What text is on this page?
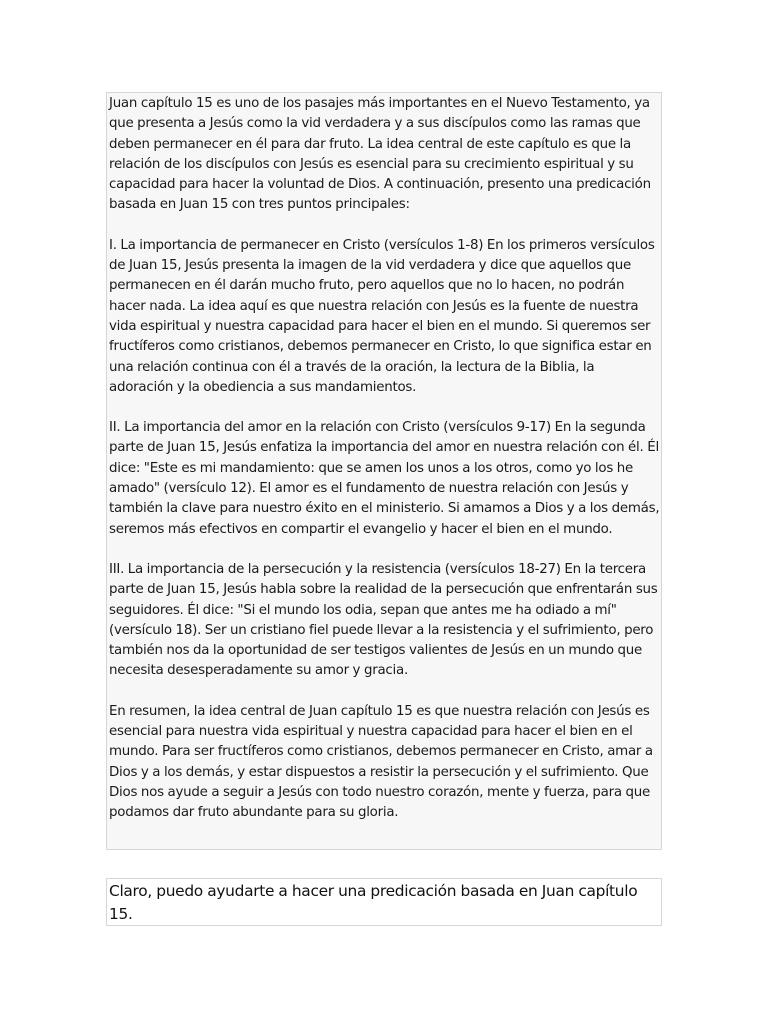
Juan capítulo 15 es uno de los pasajes más importantes en el Nuevo Testamento, ya que presenta a Jesús como la vid verdadera y a sus discípulos como las ramas que deben permanecer en él para dar fruto. La idea central de este capítulo es que la relación de los discípulos con Jesús es esencial para su crecimiento espiritual y su capacidad para hacer la voluntad de Dios. A continuación, presento una predicación basada en Juan 15 con tres puntos principales:

I. La importancia de permanecer en Cristo (versículos 1-8) En los primeros versículos de Juan 15, Jesús presenta la imagen de la vid verdadera y dice que aquellos que permanecen en él darán mucho fruto, pero aquellos que no lo hacen, no podrán hacer nada. La idea aquí es que nuestra relación con Jesús es la fuente de nuestra vida espiritual y nuestra capacidad para hacer el bien en el mundo. Si queremos ser fructíferos como cristianos, debemos permanecer en Cristo, lo que significa estar en una relación continua con él a través de la oración, la lectura de la Biblia, la adoración y la obediencia a sus mandamientos.

II. La importancia del amor en la relación con Cristo (versículos 9-17) En la segunda parte de Juan 15, Jesús enfatiza la importancia del amor en nuestra relación con él. Él dice: "Este es mi mandamiento: que se amen los unos a los otros, como yo los he amado" (versículo 12). El amor es el fundamento de nuestra relación con Jesús y también la clave para nuestro éxito en el ministerio. Si amamos a Dios y a los demás, seremos más efectivos en compartir el evangelio y hacer el bien en el mundo.

III. La importancia de la persecución y la resistencia (versículos 18-27) En la tercera parte de Juan 15, Jesús habla sobre la realidad de la persecución que enfrentarán sus seguidores. Él dice: "Si el mundo los odia, sepan que antes me ha odiado a mí" (versículo 18). Ser un cristiano fiel puede llevar a la resistencia y el sufrimiento, pero también nos da la oportunidad de ser testigos valientes de Jesús en un mundo que necesita desesperadamente su amor y gracia.

En resumen, la idea central de Juan capítulo 15 es que nuestra relación con Jesús es esencial para nuestra vida espiritual y nuestra capacidad para hacer el bien en el mundo. Para ser fructíferos como cristianos, debemos permanecer en Cristo, amar a Dios y a los demás, y estar dispuestos a resistir la persecución y el sufrimiento. Que Dios nos ayude a seguir a Jesús con todo nuestro corazón, mente y fuerza, para que podamos dar fruto abundante para su gloria.

Claro, puedo ayudarte a hacer una predicación basada en Juan capítulo 15.
